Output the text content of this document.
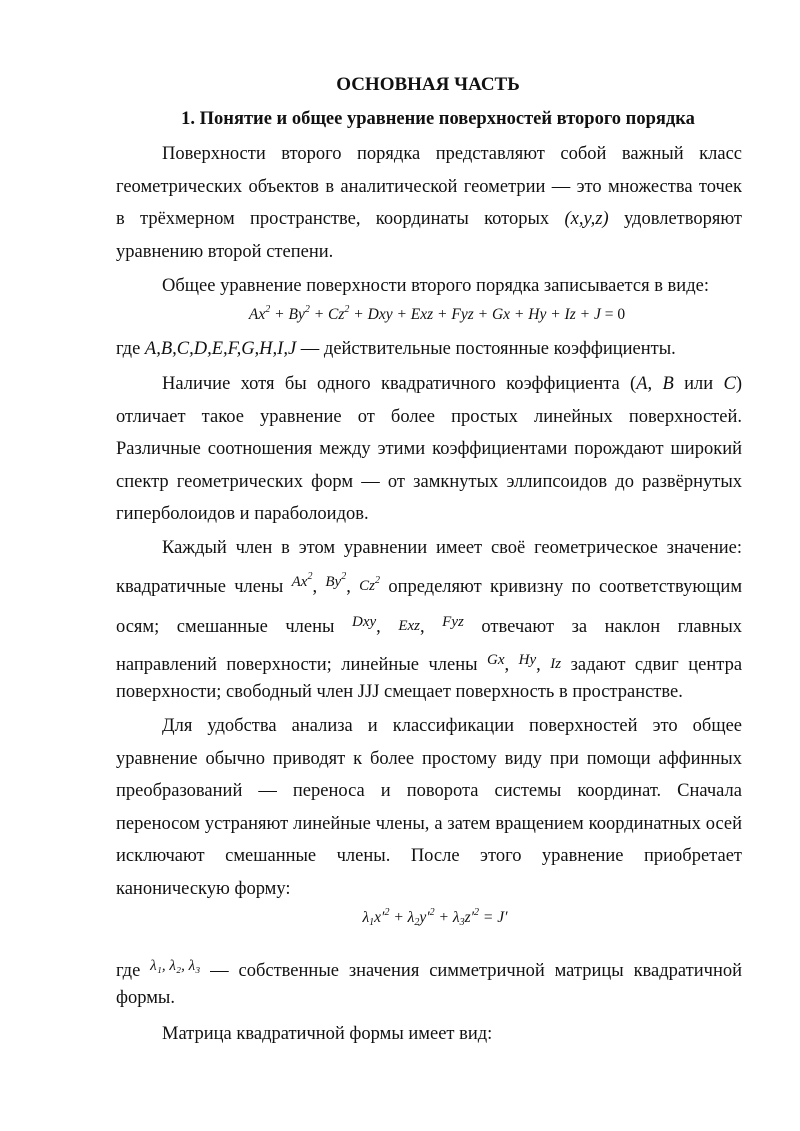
ОСНОВНАЯ ЧАСТЬ
1. Понятие и общее уравнение поверхностей второго порядка
Поверхности второго порядка представляют собой важный класс
геометрических объектов в аналитической геометрии — это множества точек
в трёхмерном пространстве, координаты которых (x,y,z) удовлетворяют
уравнению второй степени.
Общее уравнение поверхности второго порядка записывается в виде:
$Ax^2 + By^2 + Cz^2$ + Dxy + Exz + Fyz + Gx + Hy + Iz + J = 0
где A,B,C,D,E,F,G,H,I,J — действительные постоянные коэффициенты.
Наличие хотя бы одного квадратичного коэффициента (A, B или C)
отличает такое уравнение от более простых линейных поверхностей.
Различные соотношения между этими коэффициентами порождают широкий
спектр геометрических форм — от замкнутых эллипсоидов до развёрнутых
гиперболоидов и параболоидов.
Каждый член в этом уравнении имеет своё геометрическое значение:
квадратичные члены Ax$^2$, By$^2$, Cz$^2$ определяют кривизну по соответствующим
осям; смешанные члены Dxy, Exz, Fyz отвечают за наклон главных
направлений поверхности; линейные члены Gx, Hy, Iz задают сдвиг центра
поверхности; свободный член JJJ смещает поверхность в пространстве.
Для удобства анализа и классификации поверхностей это общее
уравнение обычно приводят к более простому виду при помощи аффинных
преобразований — переноса и поворота системы координат. Сначала
переносом устраняют линейные члены, а затем вращением координатных осей
исключают смешанные члены. После этого уравнение приобретает
каноническую форму:
$\lambda_1x'^2 + \lambda_2y'^2 + \lambda_3z'^2 = J'$
где λ₁, λ₂, λ₃ — собственные значения симметричной матрицы квадратичной
формы.
Матрица квадратичной формы имеет вид:
